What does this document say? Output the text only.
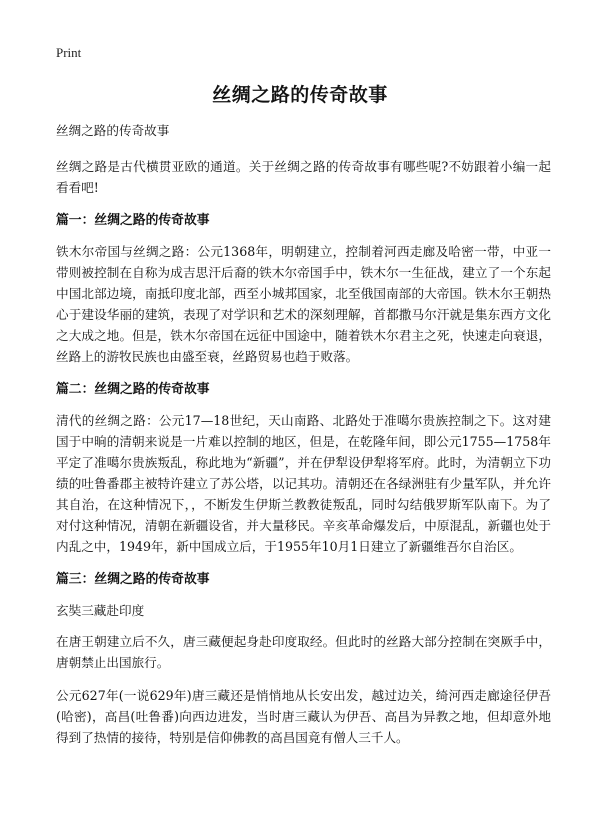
Print
丝绸之路的传奇故事

丝绸之路的传奇故事

丝绸之路是古代横贯亚欧的通道。关于丝绸之路的传奇故事有哪些呢?不妨跟着小编一起看看吧!

篇一：丝绸之路的传奇故事

铁木尔帝国与丝绸之路：公元1368年，明朝建立，控制着河西走廊及哈密一带，中亚一带则被控制在自称为成吉思汗后裔的铁木尔帝国手中，铁木尔一生征战，建立了一个东起中国北部边境，南抵印度北部，西至小城邦国家，北至俄国南部的大帝国。铁木尔王朝热心于建设华丽的建筑，表现了对学识和艺术的深刻理解，首都撒马尔汗就是集东西方文化之大成之地。但是，铁木尔帝国在远征中国途中，随着铁木尔君主之死，快速走向衰退，丝路上的游牧民族也由盛至衰，丝路贸易也趋于败落。

篇二：丝绸之路的传奇故事

清代的丝绸之路：公元17—18世纪，天山南路、北路处于准噶尔贵族控制之下。这对建国于中晌的清朝来说是一片难以控制的地区，但是，在乾隆年间，即公元1755—1758年平定了准噶尔贵族叛乱，称此地为“新疆”，并在伊犁设伊犁将军府。此时，为清朝立下功绩的吐鲁番郡主被特许建立了苏公塔，以记其功。清朝还在各绿洲驻有少量军队，并允许其自治，在这种情况下，，不断发生伊斯兰教教徒叛乱，同时勾结俄罗斯军队南下。为了对付这种情况，清朝在新疆设省，并大量移民。辛亥革命爆发后，中原混乱，新疆也处于内乱之中，1949年，新中国成立后，于1955年10月1日建立了新疆维吾尔自治区。

篇三：丝绸之路的传奇故事

玄奘三藏赴印度

在唐王朝建立后不久，唐三藏便起身赴印度取经。但此时的丝路大部分控制在突厥手中，唐朝禁止出国旅行。

公元627年(一说629年)唐三藏还是悄悄地从长安出发，越过边关，绮河西走廊途径伊吾(哈密)，高昌(吐鲁番)向西边进发，当时唐三藏认为伊吾、高昌为异教之地，但却意外地得到了热情的接待，特别是信仰佛教的高昌国竟有僧人三千人。
